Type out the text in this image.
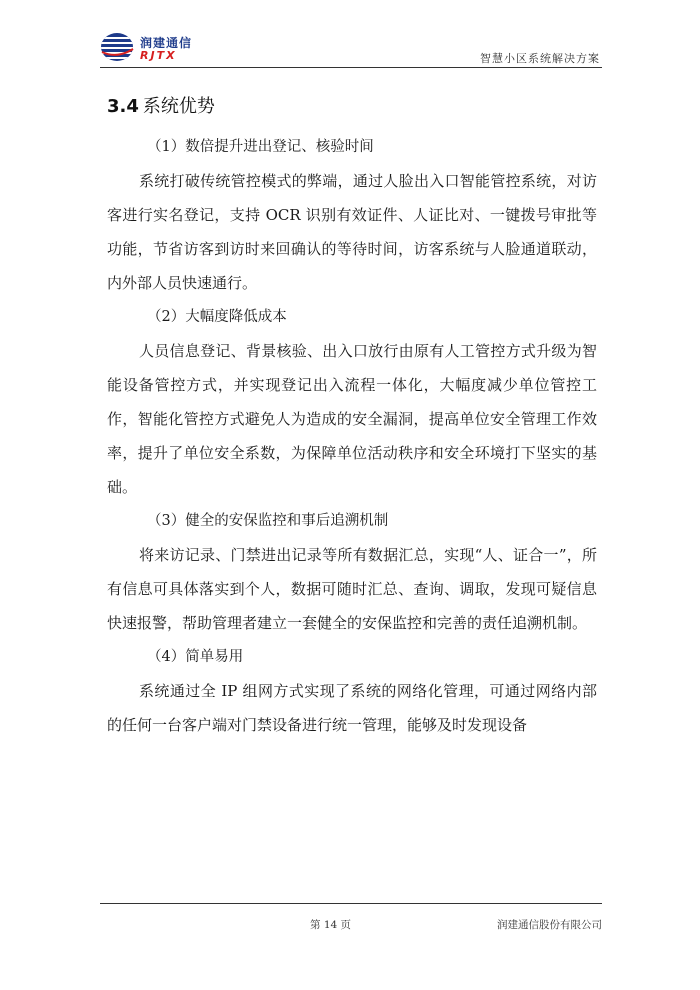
润建通信
RJTX	智慧小区系统解决方案
3.4 系统优势

（1）数倍提升进出登记、核验时间

系统打破传统管控模式的弊端，通过人脸出入口智能管控系统，对访客进行实名登记，支持 OCR 识别有效证件、人证比对、一键拨号审批等功能，节省访客到访时来回确认的等待时间，访客系统与人脸通道联动，内外部人员快速通行。

（2）大幅度降低成本

人员信息登记、背景核验、出入口放行由原有人工管控方式升级为智能设备管控方式，并实现登记出入流程一体化，大幅度减少单位管控工作，智能化管控方式避免人为造成的安全漏洞，提高单位安全管理工作效率，提升了单位安全系数，为保障单位活动秩序和安全环境打下坚实的基础。

（3）健全的安保监控和事后追溯机制

将来访记录、门禁进出记录等所有数据汇总，实现“人、证合一”，所有信息可具体落实到个人，数据可随时汇总、查询、调取，发现可疑信息快速报警，帮助管理者建立一套健全的安保监控和完善的责任追溯机制。

（4）简单易用

系统通过全 IP 组网方式实现了系统的网络化管理，可通过网络内部的任何一台客户端对门禁设备进行统一管理，能够及时发现设备

第 14 页	润建通信股份有限公司
